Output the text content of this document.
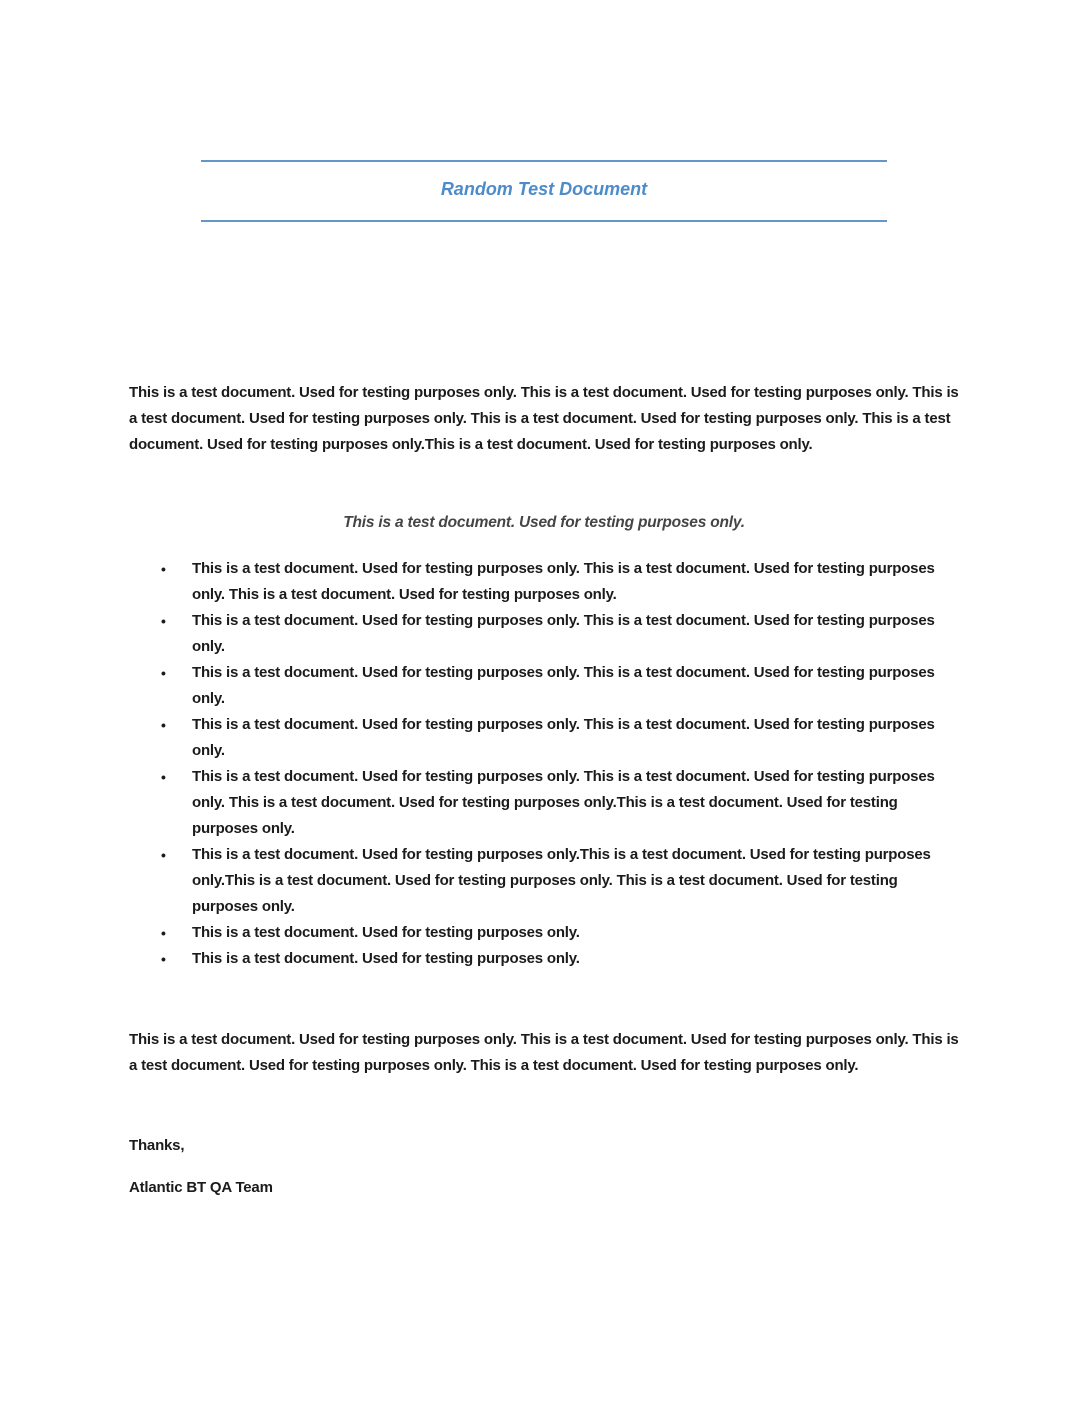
Random Test Document

This is a test document. Used for testing purposes only. This is a test document. Used for testing purposes only. This is a test document. Used for testing purposes only. This is a test document. Used for testing purposes only. This is a test document. Used for testing purposes only.This is a test document. Used for testing purposes only.

This is a test document. Used for testing purposes only.

• This is a test document. Used for testing purposes only. This is a test document. Used for testing purposes only. This is a test document. Used for testing purposes only.
• This is a test document. Used for testing purposes only. This is a test document. Used for testing purposes only.
• This is a test document. Used for testing purposes only. This is a test document. Used for testing purposes only.
• This is a test document. Used for testing purposes only. This is a test document. Used for testing purposes only.
• This is a test document. Used for testing purposes only. This is a test document. Used for testing purposes only. This is a test document. Used for testing purposes only.This is a test document. Used for testing purposes only.
• This is a test document. Used for testing purposes only.This is a test document. Used for testing purposes only.This is a test document. Used for testing purposes only. This is a test document. Used for testing purposes only.
• This is a test document. Used for testing purposes only.
• This is a test document. Used for testing purposes only.

This is a test document. Used for testing purposes only. This is a test document. Used for testing purposes only. This is a test document. Used for testing purposes only. This is a test document. Used for testing purposes only.

Thanks,

Atlantic BT QA Team
